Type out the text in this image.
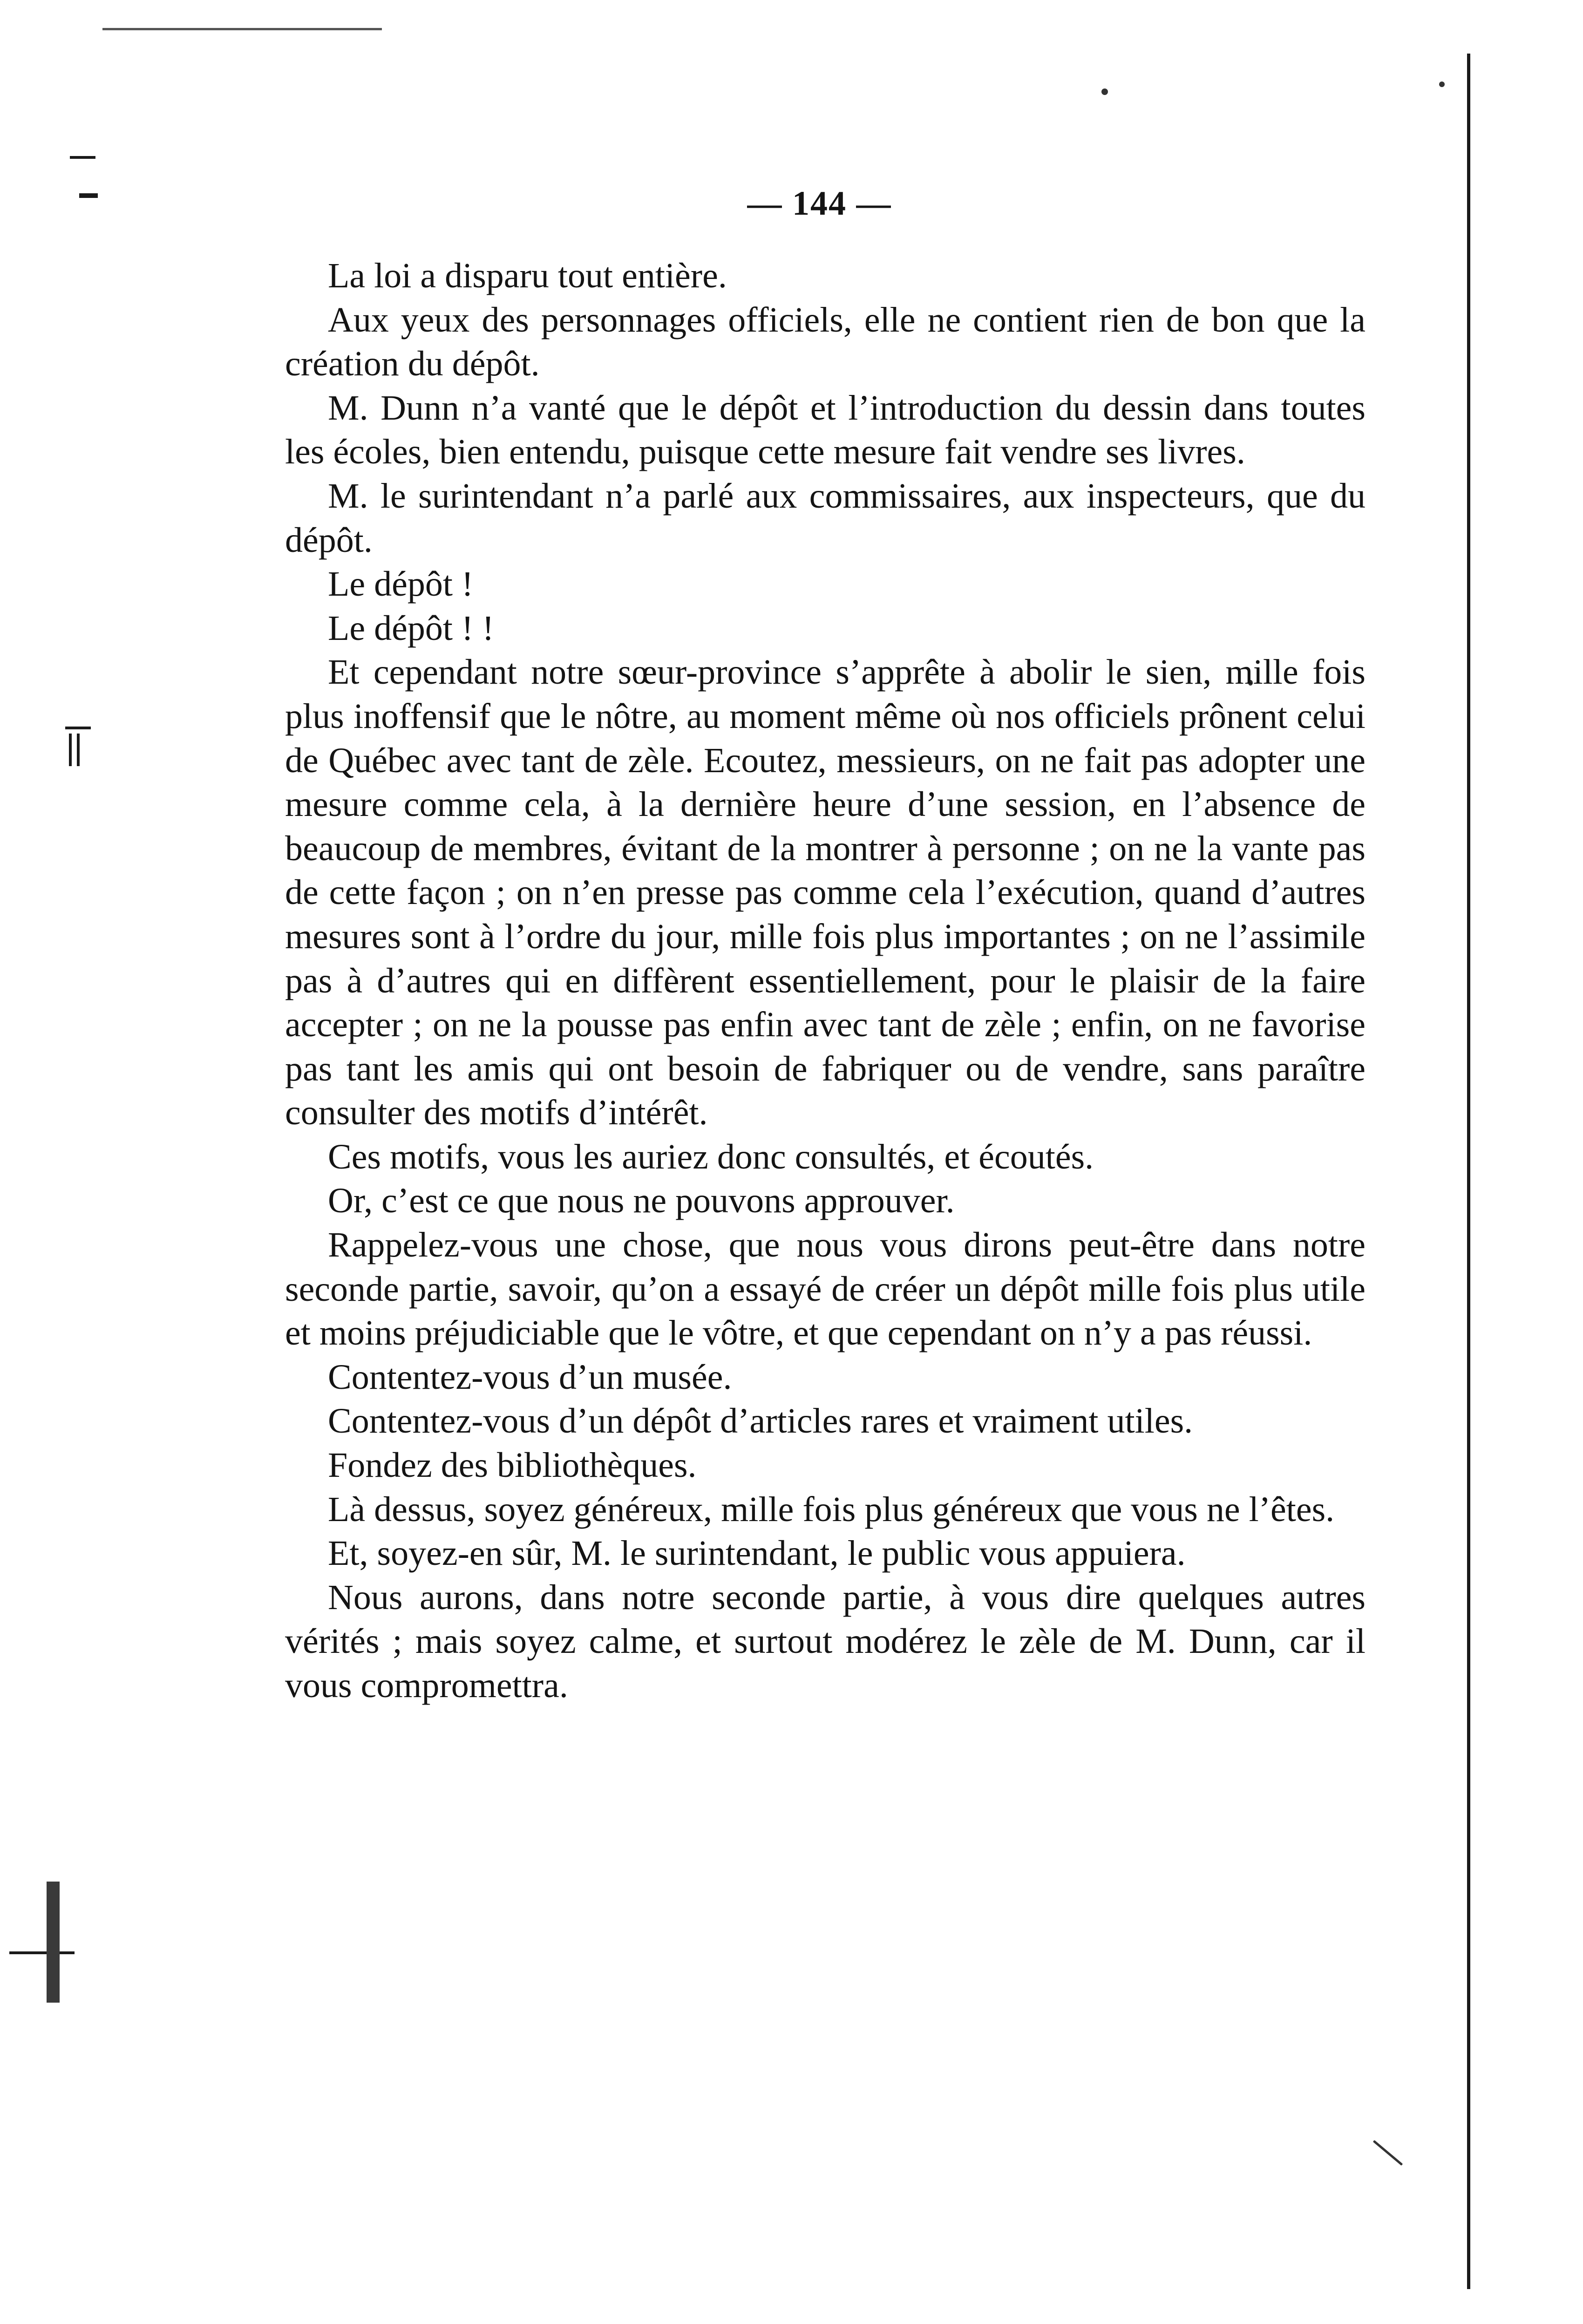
— 144 —

La loi a disparu tout entière.

Aux yeux des personnages officiels, elle ne contient rien de bon que la création du dépôt.

M. Dunn n’a vanté que le dépôt et l’introduction du dessin dans toutes les écoles, bien entendu, puisque cette mesure fait vendre ses livres.

M. le surintendant n’a parlé aux commissaires, aux inspecteurs, que du dépôt.

Le dépôt !

Le dépôt ! !

Et cependant notre sœur-province s’apprête à abolir le sien, mille fois plus inoffensif que le nôtre, au moment même où nos officiels prônent celui de Québec avec tant de zèle. Ecoutez, messieurs, on ne fait pas adopter une mesure comme cela, à la dernière heure d’une session, en l’absence de beaucoup de membres, évitant de la montrer à personne ; on ne la vante pas de cette façon ; on n’en presse pas comme cela l’exécution, quand d’autres mesures sont à l’ordre du jour, mille fois plus importantes ; on ne l’assimile pas à d’autres qui en diffèrent essentiellement, pour le plaisir de la faire accepter ; on ne la pousse pas enfin avec tant de zèle ; enfin, on ne favorise pas tant les amis qui ont besoin de fabriquer ou de vendre, sans paraître consulter des motifs d’intérêt.

Ces motifs, vous les auriez donc consultés, et écoutés.

Or, c’est ce que nous ne pouvons approuver.

Rappelez-vous une chose, que nous vous dirons peut-être dans notre seconde partie, savoir, qu’on a essayé de créer un dépôt mille fois plus utile et moins préjudiciable que le vôtre, et que cependant on n’y a pas réussi.

Contentez-vous d’un musée.

Contentez-vous d’un dépôt d’articles rares et vraiment utiles.

Fondez des bibliothèques.

Là dessus, soyez généreux, mille fois plus généreux que vous ne l’êtes.

Et, soyez-en sûr, M. le surintendant, le public vous appuiera.

Nous aurons, dans notre seconde partie, à vous dire quelques autres vérités ; mais soyez calme, et surtout modérez le zèle de M. Dunn, car il vous compromettra.
